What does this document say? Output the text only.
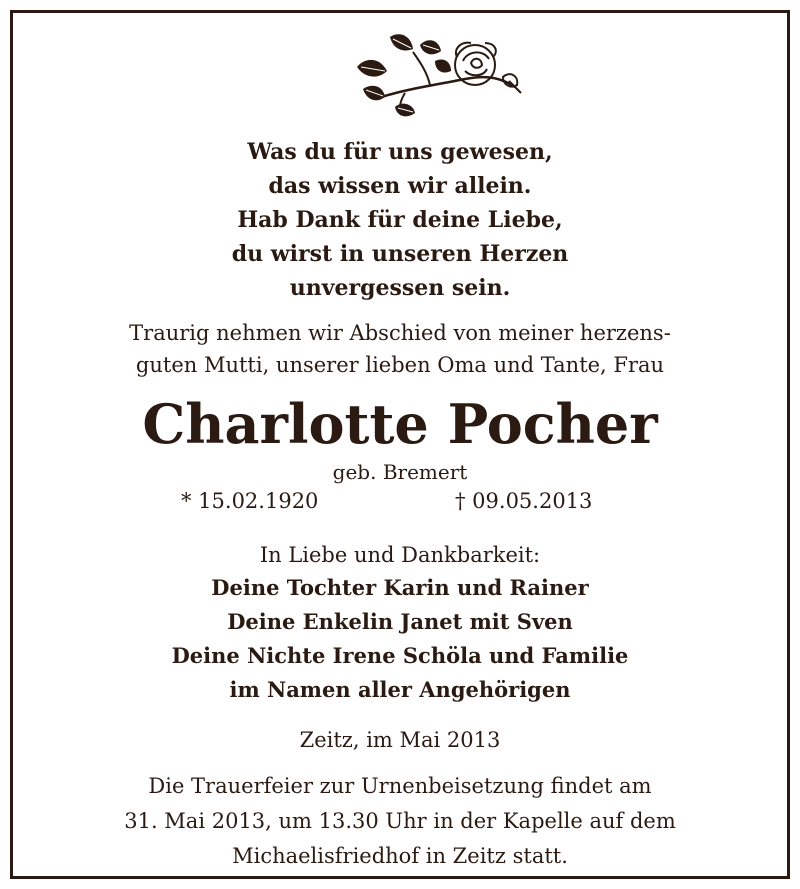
Was du für uns gewesen,
das wissen wir allein.
Hab Dank für deine Liebe,
du wirst in unseren Herzen
unvergessen sein.
Traurig nehmen wir Abschied von meiner herzens-
guten Mutti, unserer lieben Oma und Tante, Frau
Charlotte Pocher
geb. Bremert
* 15.02.1920	† 09.05.2013
In Liebe und Dankbarkeit:
Deine Tochter Karin und Rainer
Deine Enkelin Janet mit Sven
Deine Nichte Irene Schöla und Familie
im Namen aller Angehörigen
Zeitz, im Mai 2013
Die Trauerfeier zur Urnenbeisetzung findet am
31. Mai 2013, um 13.30 Uhr in der Kapelle auf dem
Michaelisfriedhof in Zeitz statt.
